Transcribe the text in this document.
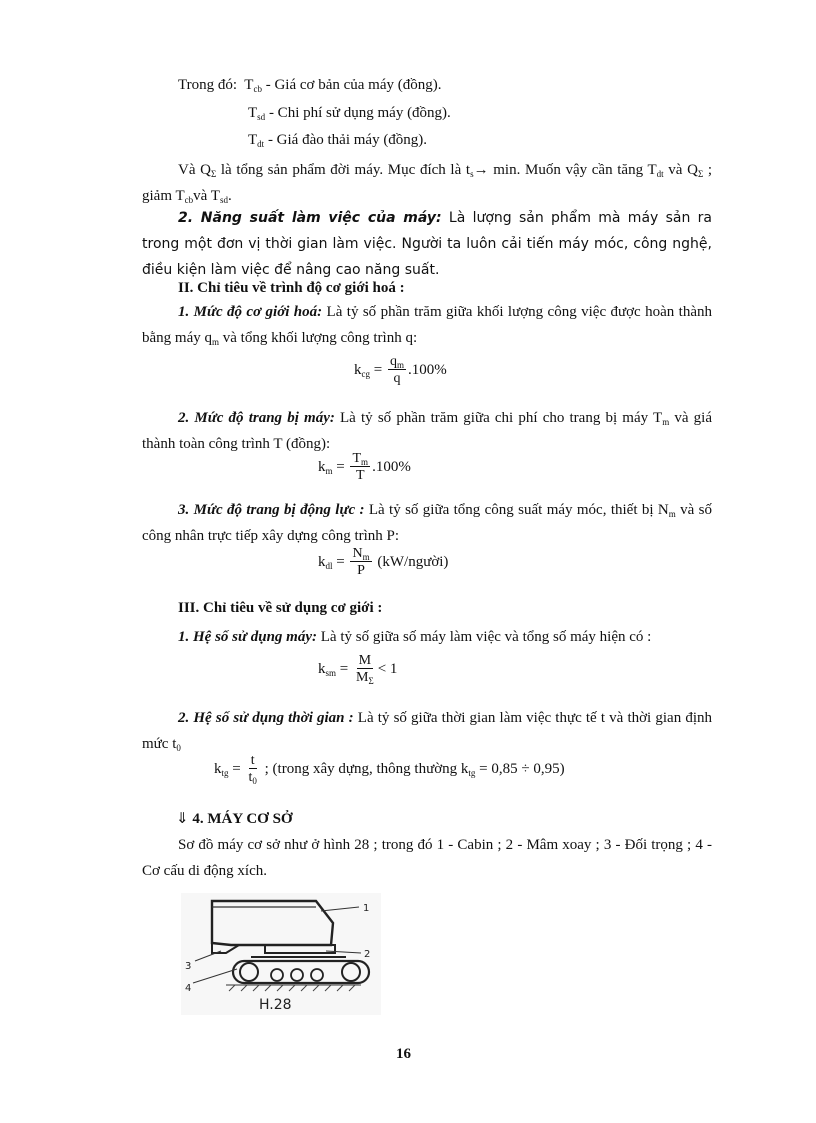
Trong đó: $T_{cb}$ - Giá cơ bản của máy (đồng).
$T_{sd}$ - Chi phí sử dụng máy (đồng).
$T_{dt}$ - Giá đào thải máy (đồng).
Và $Q_\Sigma$ là tổng sản phẩm đời máy. Mục đích là $t_s\to \min$. Muốn vậy cần tăng $T_{dt}$ và $Q_\Sigma$ ; giảm $T_{cb}và$ $T_{sd}$.
2. Năng suất làm việc của máy: Là lượng sản phẩm mà máy sản ra trong một đơn vị thời gian làm việc. Người ta luôn cải tiến máy móc, công nghệ, điều kiện làm việc để nâng cao năng suất.
II. Chỉ tiêu về trình độ cơ giới hoá :
1. Mức độ cơ giới hoá: Là tỷ số phần trăm giữa khối lượng công việc được hoàn thành bằng máy $q_m$ và tổng khối lượng công trình q:
$k_{cg} = \frac{q_m}{q} .100\%$
2. Mức độ trang bị máy: Là tỷ số phần trăm giữa chi phí cho trang bị máy $T_m$ và giá thành toàn công trình T (đồng):
$k_m = \frac{T_m}{T} .100\%$
3. Mức độ trang bị động lực : Là tỷ số giữa tổng công suất máy móc, thiết bị $N_m$ và số công nhân trực tiếp xây dựng công trình P:
$k_{dl} = \frac{N_m}{P}$ (kW/người)
III. Chỉ tiêu về sử dụng cơ giới :
1. Hệ số sử dụng máy: Là tỷ số giữa số máy làm việc và tổng số máy hiện có :
$k_{sm} = \frac{M}{M_\Sigma} < 1$
2. Hệ số sử dụng thời gian : Là tỷ số giữa thời gian làm việc thực tế t và thời gian định mức $t_0$
$k_{tg} = \frac{t}{t_0}$ ; (trong xây dựng, thông thường $k_{tg} = 0,85 \div 0,95$)
⇓ 4. MÁY CƠ SỞ
Sơ đồ máy cơ sở như ở hình 28 ; trong đó 1 - Cabin ; 2 - Mâm xoay ; 3 - Đối trọng ; 4 - Cơ cấu di động xích.
1
2
3
4
H.28
16
